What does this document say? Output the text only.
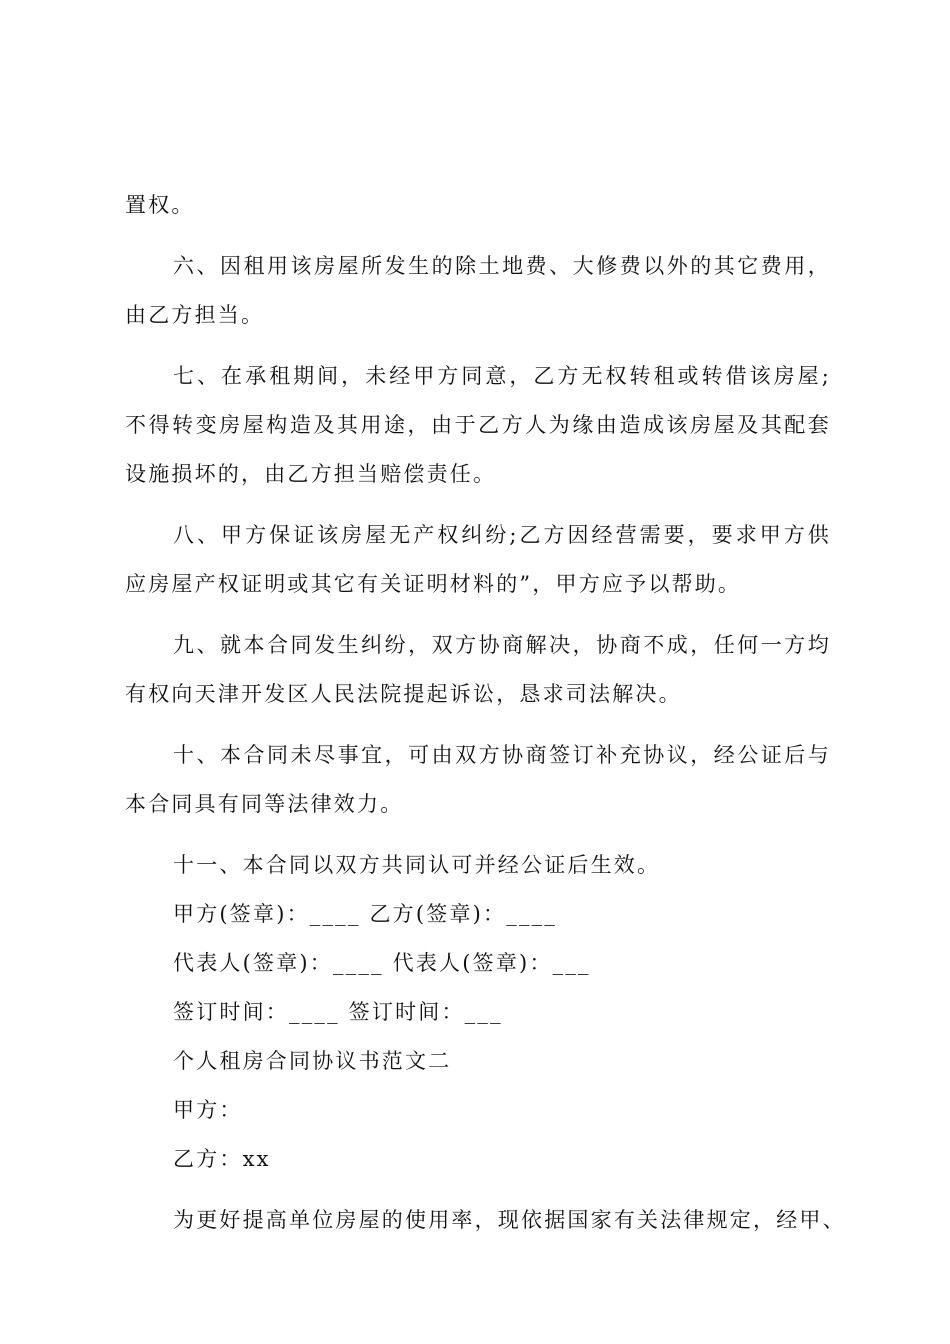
置权。

六、因租用该房屋所发生的除土地费、大修费以外的其它费用，由乙方担当。

七、在承租期间，未经甲方同意，乙方无权转租或转借该房屋;不得转变房屋构造及其用途，由于乙方人为缘由造成该房屋及其配套设施损坏的，由乙方担当赔偿责任。

八、甲方保证该房屋无产权纠纷;乙方因经营需要，要求甲方供应房屋产权证明或其它有关证明材料的”，甲方应予以帮助。

九、就本合同发生纠纷，双方协商解决，协商不成，任何一方均有权向天津开发区人民法院提起诉讼，恳求司法解决。

十、本合同未尽事宜，可由双方协商签订补充协议，经公证后与本合同具有同等法律效力。

十一、本合同以双方共同认可并经公证后生效。

甲方(签章)：____ 乙方(签章)：____

代表人(签章)：____ 代表人(签章)：___

签订时间：____ 签订时间：___

个人租房合同协议书范文二

甲方：

乙方：xx

为更好提高单位房屋的使用率，现依据国家有关法律规定，经甲、
